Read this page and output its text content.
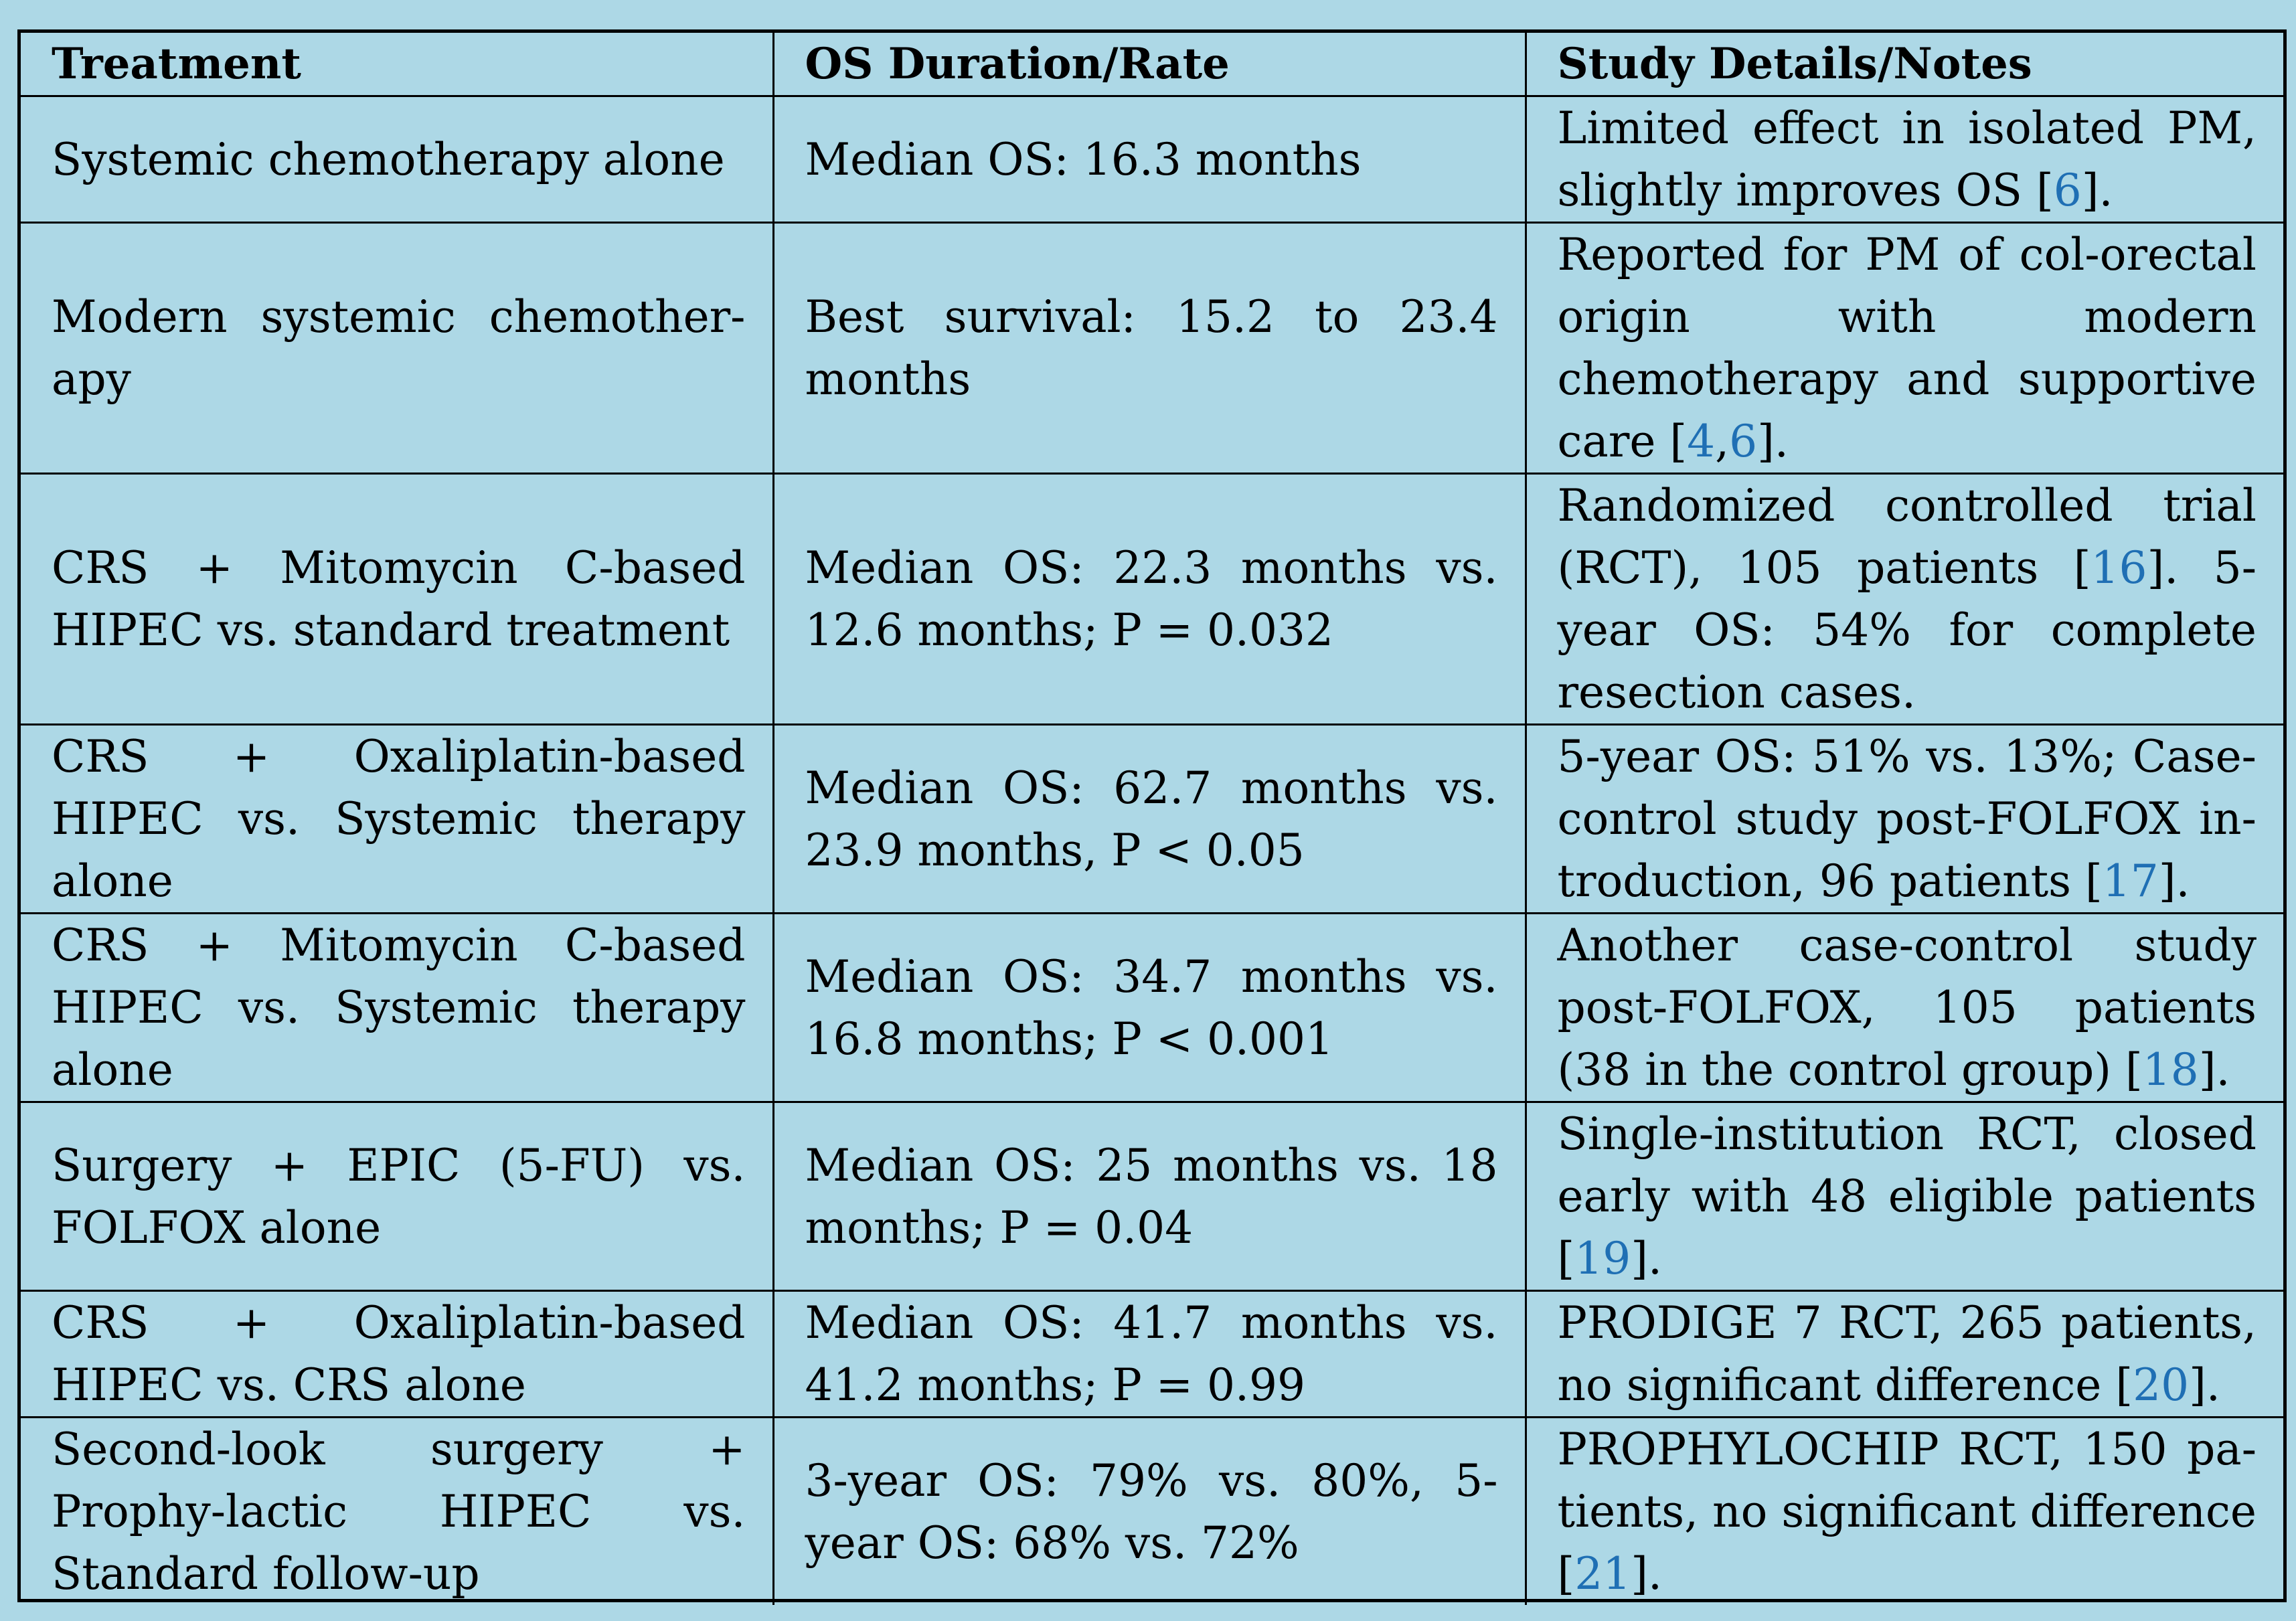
Treatment	OS Duration/Rate	Study Details/Notes
Systemic chemotherapy alone	Median OS: 16.3 months	Limited effect in isolated PM, slightly improves OS [6].
Modern systemic chemother-apy	Best survival: 15.2 to 23.4 months	Reported for PM of col-orectal origin with modern chemotherapy and supportive care [4,6].
CRS + Mitomycin C-based HIPEC vs. standard treatment	Median OS: 22.3 months vs. 12.6 months; P = 0.032	Randomized controlled trial (RCT), 105 patients [16]. 5-year OS: 54% for complete resection cases.
CRS + Oxaliplatin-based HIPEC vs. Systemic therapy alone	Median OS: 62.7 months vs. 23.9 months, P < 0.05	5-year OS: 51% vs. 13%; Case-control study post-FOLFOX in-troduction, 96 patients [17].
CRS + Mitomycin C-based HIPEC vs. Systemic therapy alone	Median OS: 34.7 months vs. 16.8 months; P < 0.001	Another case-control study post-FOLFOX, 105 patients (38 in the control group) [18].
Surgery + EPIC (5-FU) vs. FOLFOX alone	Median OS: 25 months vs. 18 months; P = 0.04	Single-institution RCT, closed early with 48 eligible patients [19].
CRS + Oxaliplatin-based HIPEC vs. CRS alone	Median OS: 41.7 months vs. 41.2 months; P = 0.99	PRODIGE 7 RCT, 265 patients, no significant difference [20].
Second-look surgery + Prophy-lactic HIPEC vs. Standard follow-up	3-year OS: 79% vs. 80%, 5-year OS: 68% vs. 72%	PROPHYLOCHIP RCT, 150 pa-tients, no significant difference [21].
